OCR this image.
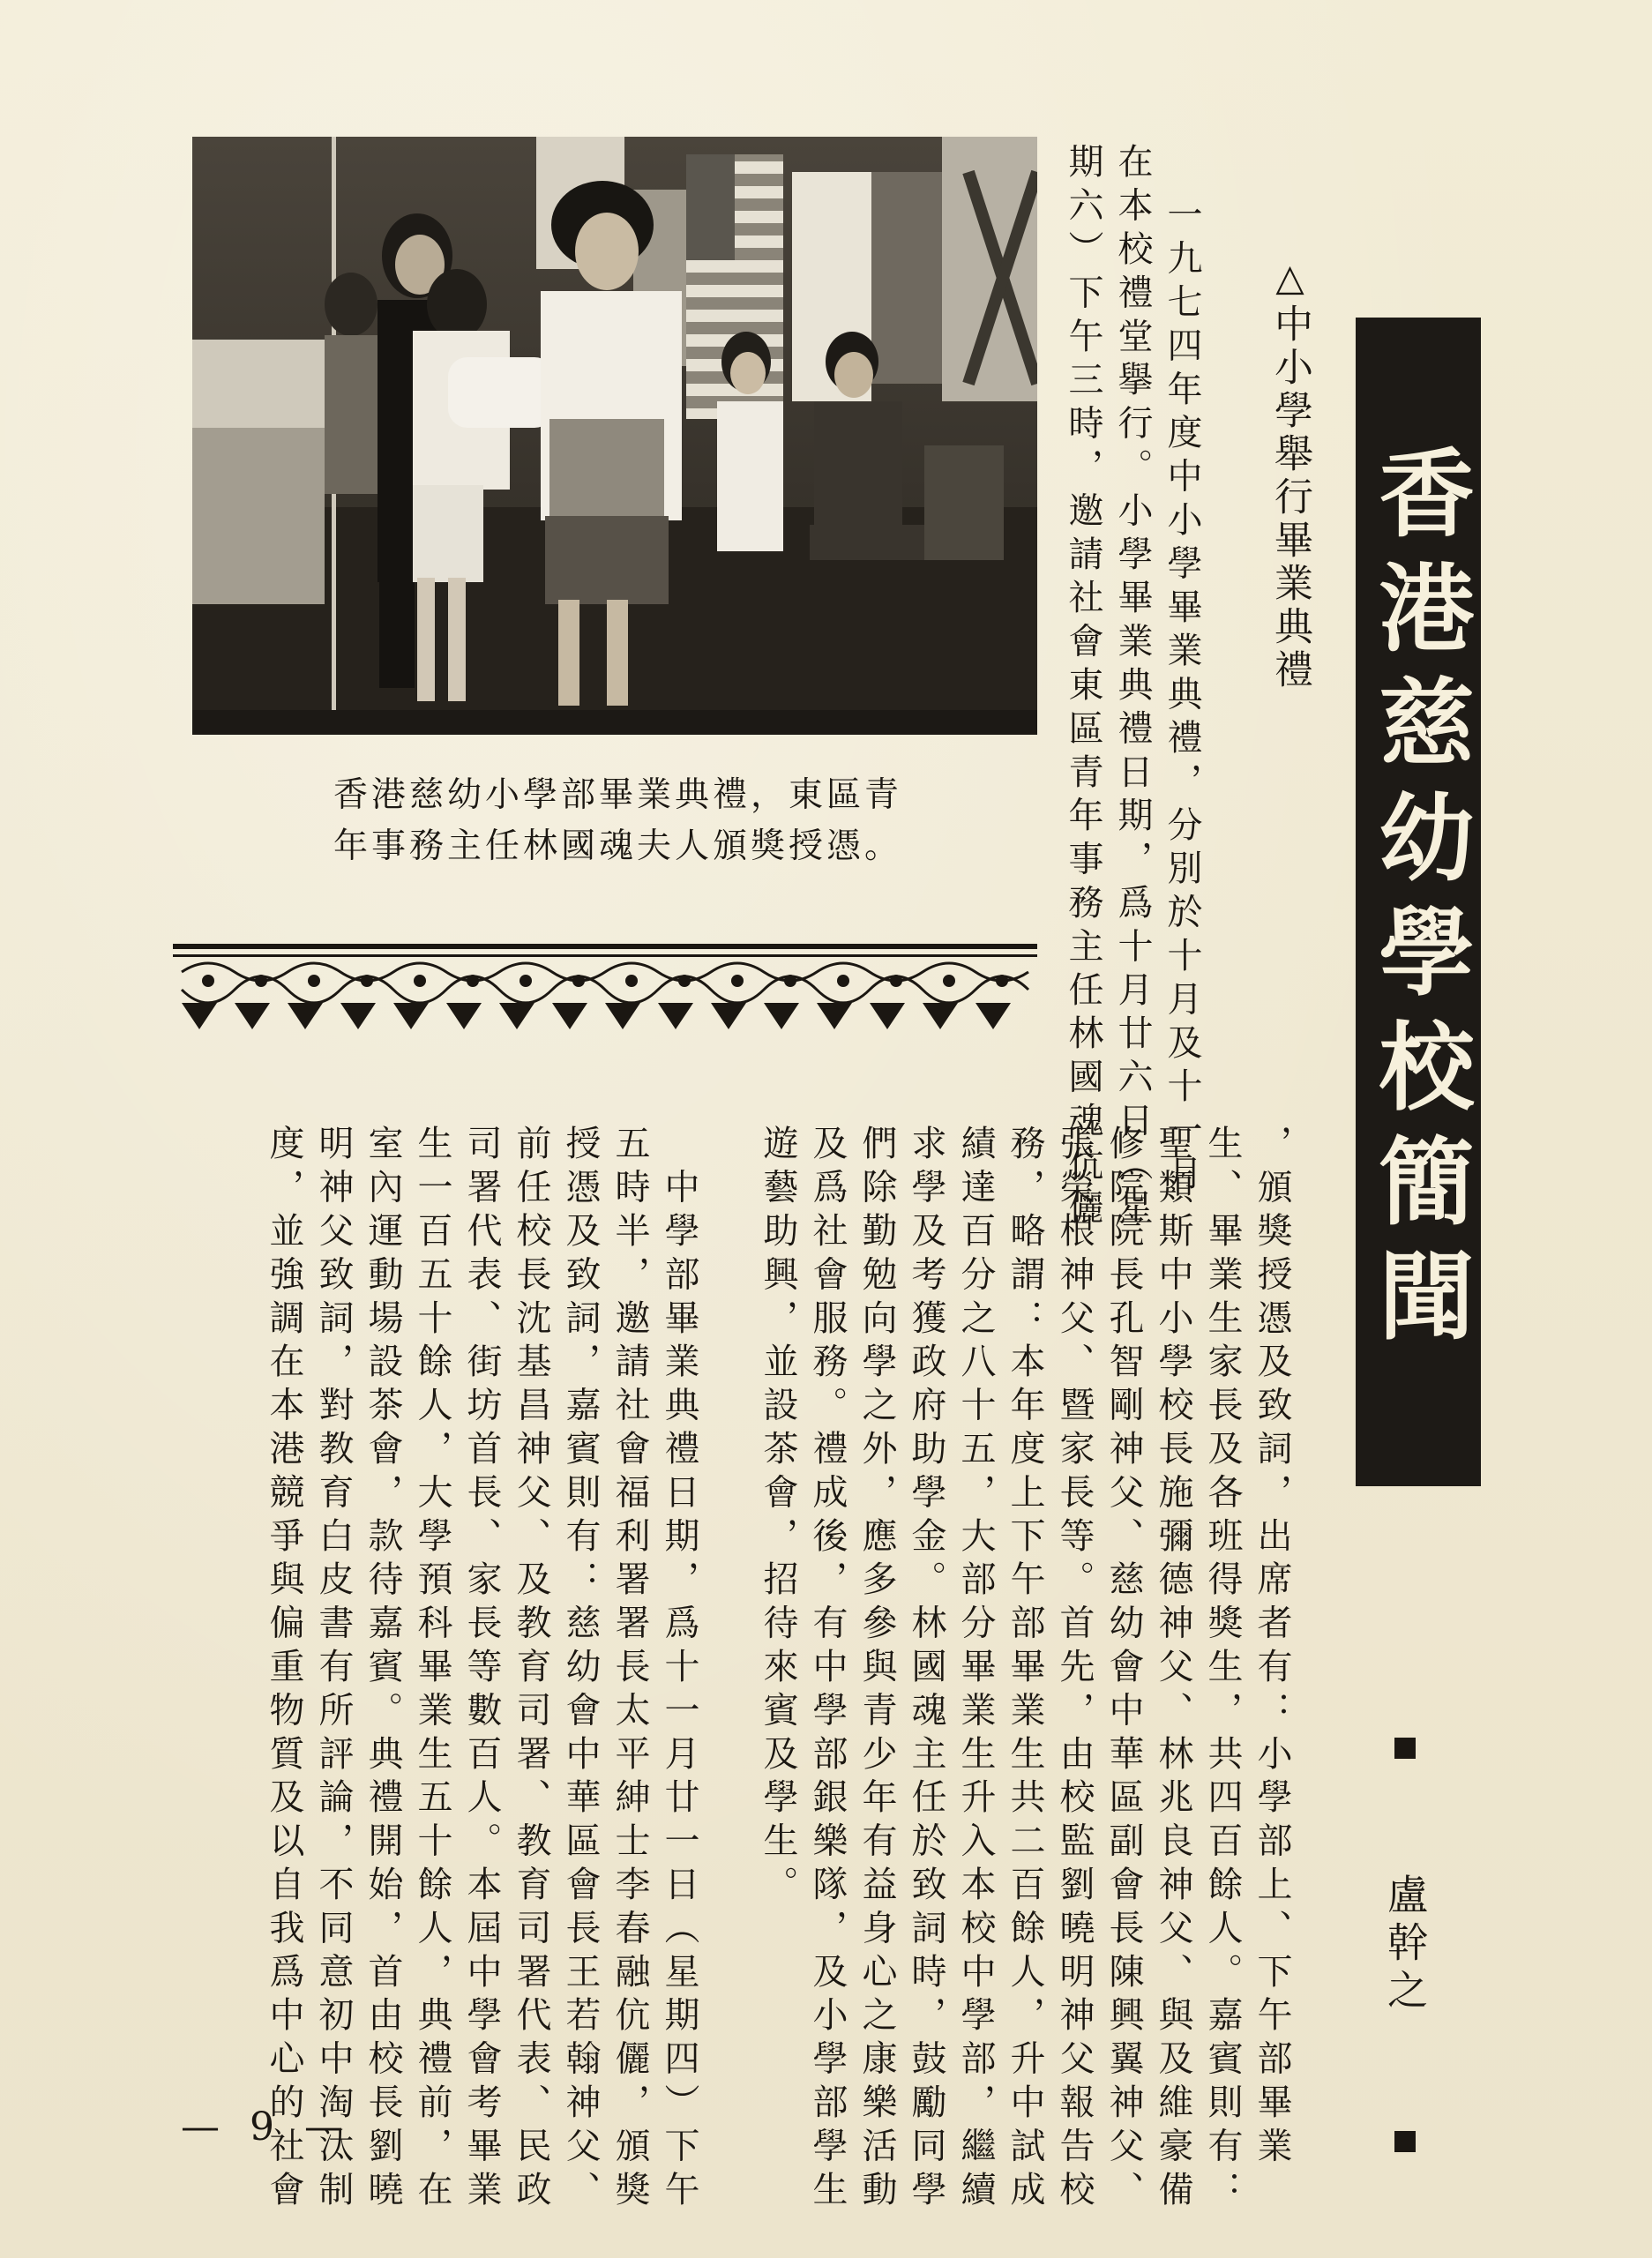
香港慈幼學校簡聞
盧幹之
△中小學舉行畢業典禮
一九七四年度中小學畢業典禮，分別於十月及十一月
在本校禮堂擧行。小學畢業典禮日期，爲十月廿六日（星
期六）下午三時，邀請社會東區青年事務主任林國魂伉儷
香港慈幼小學部畢業典禮，東區青
年事務主任林國魂夫人頒獎授憑。
，頒獎授憑及致詞，出席者有：小學部上、下午部畢業
生、畢業生家長及各班得獎生，共四百餘人。嘉賓則有：
聖類斯中小學校長施彌德神父、林兆良神父、與及維豪備
修院院長孔智剛神父、慈幼會中華區副會長陳興翼神父、
張榮根神父、暨家長等。首先，由校監劉曉明神父報告校
務，略謂：本年度上下午部畢業生共二百餘人，升中試成
績達百分之八十五，大部分畢業生升入本校中學部，繼續
求學及考獲政府助學金。林國魂主任於致詞時，鼓勵同學
們除勤勉向學之外，應多參與青少年有益身心之康樂活動
及爲社會服務。禮成後，有中學部銀樂隊，及小學部學生
遊藝助興，並設茶會，招待來賓及學生。
　中學部畢業典禮日期，爲十一月廿一日（星期四）下午
五時半，邀請社會福利署署長太平紳士李春融伉儷，頒獎
授憑及致詞，嘉賓則有：慈幼會中華區會長王若翰神父、
前任校長沈基昌神父、及教育司署、教育司署代表、民政
司署代表、街坊首長、家長等數百人。本屆中學會考畢業
生一百五十餘人，大學預科畢業生五十餘人，典禮前，在
室內運動場設茶會，款待嘉賓。典禮開始，首由校長劉曉
明神父致詞，對教育白皮書有所評論，不同意初中淘汰制
度，並強調在本港競爭與偏重物質及以自我爲中心的社會
— 9 —
